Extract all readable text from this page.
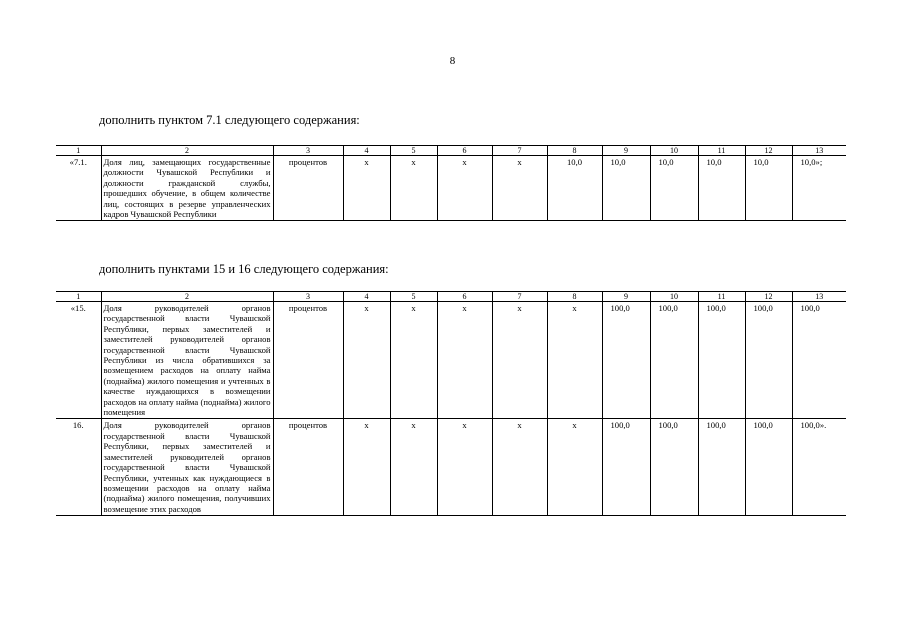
8
дополнить пунктом 7.1 следующего содержания:
1	2	3	4	5	6	7	8	9	10	11	12	13
«7.1.	Доля лиц, замещающих государственные должности Чувашской Республики и должности гражданской службы, прошедших обучение, в общем количестве лиц, состоящих в резерве управленческих кадров Чувашской Республики	процентов	х	х	х	х	10,0	10,0	10,0	10,0	10,0	10,0»;
дополнить пунктами 15 и 16 следующего содержания:
1	2	3	4	5	6	7	8	9	10	11	12	13
«15.	Доля руководителей органов государственной власти Чувашской Республики, первых заместителей и заместителей руководителей органов государственной власти Чувашской Республики из числа обратившихся за возмещением расходов на оплату найма (поднайма) жилого помещения и учтенных в качестве нуждающихся в возмещении расходов на оплату найма (поднайма) жилого помещения	процентов	х	х	х	х	х	100,0	100,0	100,0	100,0	100,0
16.	Доля руководителей органов государственной власти Чувашской Республики, первых заместителей и заместителей руководителей органов государственной власти Чувашской Республики, учтенных как нуждающиеся в возмещении расходов на оплату найма (поднайма) жилого помещения, получивших возмещение этих расходов	процентов	х	х	х	х	х	100,0	100,0	100,0	100,0	100,0».
